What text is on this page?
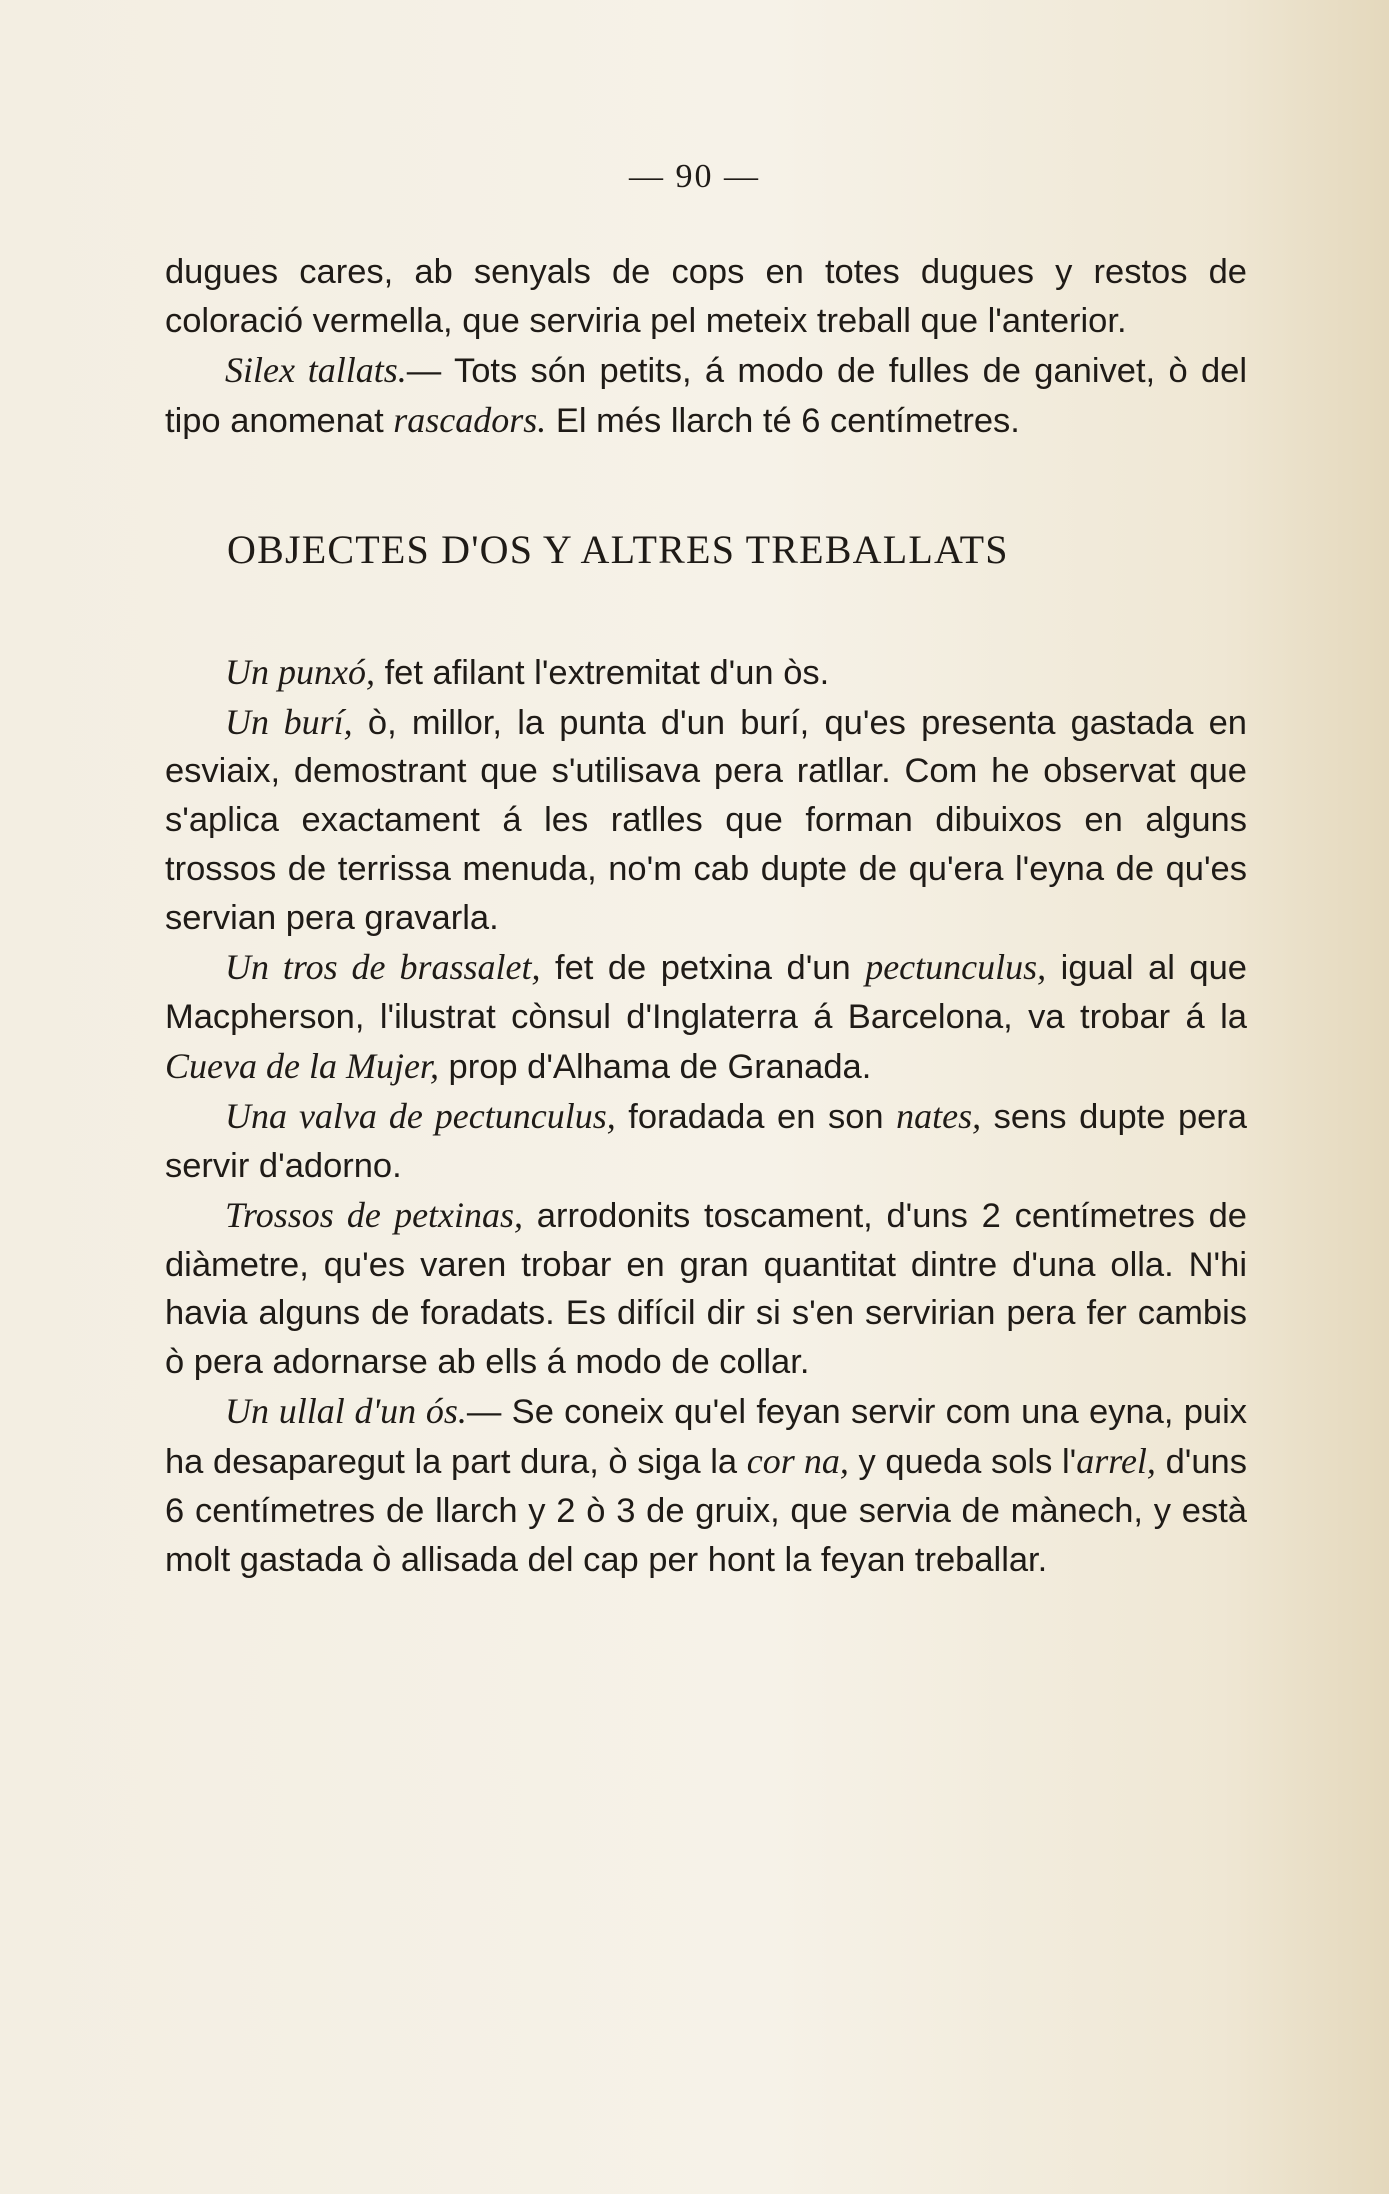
— 90 —

dugues cares, ab senyals de cops en totes dugues y restos de coloració vermella, que serviria pel meteix treball que l'anterior.

Silex tallats.— Tots són petits, á modo de fulles de ganivet, ò del tipo anomenat rascadors. El més llarch té 6 centímetres.

OBJECTES D'OS Y ALTRES TREBALLATS

Un punxó, fet afilant l'extremitat d'un òs.

Un burí, ò, millor, la punta d'un burí, qu'es presenta gastada en esviaix, demostrant que s'utilisava pera ratllar. Com he observat que s'aplica exactament á les ratlles que forman dibuixos en alguns trossos de terrissa menuda, no'm cab dupte de qu'era l'eyna de qu'es servian pera gravarla.

Un tros de brassalet, fet de petxina d'un pectunculus, igual al que Macpherson, l'ilustrat cònsul d'Inglaterra á Barcelona, va trobar á la Cueva de la Mujer, prop d'Alhama de Granada.

Una valva de pectunculus, foradada en son nates, sens dupte pera servir d'adorno.

Trossos de petxinas, arrodonits toscament, d'uns 2 centímetres de diàmetre, qu'es varen trobar en gran quantitat dintre d'una olla. N'hi havia alguns de foradats. Es difícil dir si s'en servirian pera fer cambis ò pera adornarse ab ells á modo de collar.

Un ullal d'un ós.— Se coneix qu'el feyan servir com una eyna, puix ha desaparegut la part dura, ò siga la cor na, y queda sols l'arrel, d'uns 6 centímetres de llarch y 2 ò 3 de gruix, que servia de mànech, y està molt gastada ò allisada del cap per hont la feyan treballar.
